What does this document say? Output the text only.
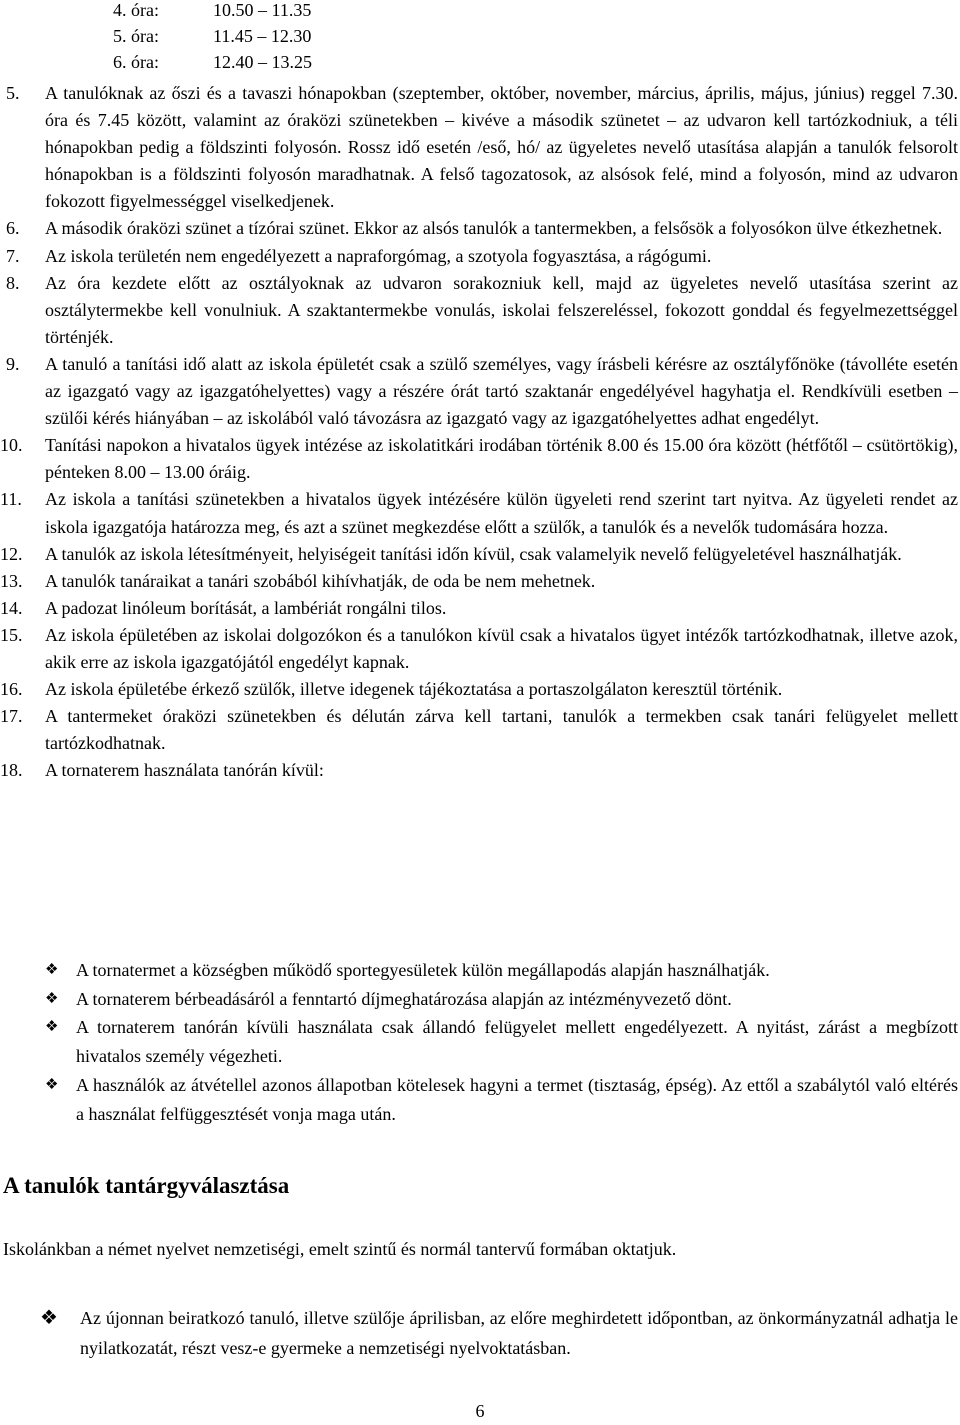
4. óra:	10.50 – 11.35
5. óra:	11.45 – 12.30
6. óra:	12.40 – 13.25
5.	A tanulóknak az őszi és a tavaszi hónapokban (szeptember, október, november, március, április, május, június) reggel 7.30. óra és 7.45 között, valamint az óraközi szünetekben – kivéve a második szünetet – az udvaron kell tartózkodniuk, a téli hónapokban pedig a földszinti folyosón. Rossz idő esetén /eső, hó/ az ügyeletes nevelő utasítása alapján a tanulók felsorolt hónapokban is a földszinti folyosón maradhatnak. A felső tagozatosok, az alsósok felé, mind a folyosón, mind az udvaron fokozott figyelmességgel viselkedjenek.
6.	A második óraközi szünet a tízórai szünet. Ekkor az alsós tanulók a tantermekben, a felsősök a folyosókon ülve étkezhetnek.
7.	Az iskola területén nem engedélyezett a napraforgómag, a szotyola fogyasztása, a rágógumi.
8.	Az óra kezdete előtt az osztályoknak az udvaron sorakozniuk kell, majd az ügyeletes nevelő utasítása szerint az osztálytermekbe kell vonulniuk. A szaktantermekbe vonulás, iskolai felszereléssel, fokozott gonddal és fegyelmezettséggel történjék.
9.	A tanuló a tanítási idő alatt az iskola épületét csak a szülő személyes, vagy írásbeli kérésre az osztályfőnöke (távolléte esetén az igazgató vagy az igazgatóhelyettes) vagy a részére órát tartó szaktanár engedélyével hagyhatja el. Rendkívüli esetben – szülői kérés hiányában – az iskolából való távozásra az igazgató vagy az igazgatóhelyettes adhat engedélyt.
10.	Tanítási napokon a hivatalos ügyek intézése az iskolatitkári irodában történik 8.00 és 15.00 óra között (hétfőtől – csütörtökig), pénteken 8.00 – 13.00 óráig.
11.	Az iskola a tanítási szünetekben a hivatalos ügyek intézésére külön ügyeleti rend szerint tart nyitva. Az ügyeleti rendet az iskola igazgatója határozza meg, és azt a szünet megkezdése előtt a szülők, a tanulók és a nevelők tudomására hozza.
12.	A tanulók az iskola létesítményeit, helyiségeit tanítási időn kívül, csak valamelyik nevelő felügyeletével használhatják.
13.	A tanulók tanáraikat a tanári szobából kihívhatják, de oda be nem mehetnek.
14.	A padozat linóleum borítását, a lambériát rongálni tilos.
15.	Az iskola épületében az iskolai dolgozókon és a tanulókon kívül csak a hivatalos ügyet intézők tartózkodhatnak, illetve azok, akik erre az iskola igazgatójától engedélyt kapnak.
16.	Az iskola épületébe érkező szülők, illetve idegenek tájékoztatása a portaszolgálaton keresztül történik.
17.	A tantermeket óraközi szünetekben és délután zárva kell tartani, tanulók a termekben csak tanári felügyelet mellett tartózkodhatnak.
18.	A tornaterem használata tanórán kívül:
❖ A tornatermet a községben működő sportegyesületek külön megállapodás alapján használhatják.
❖ A tornaterem bérbeadásáról a fenntartó díjmeghatározása alapján az intézményvezető dönt.
❖ A tornaterem tanórán kívüli használata csak állandó felügyelet mellett engedélyezett. A nyitást, zárást a megbízott hivatalos személy végezheti.
❖ A használók az átvétellel azonos állapotban kötelesek hagyni a termet (tisztaság, épség). Az ettől a szabálytól való eltérés a használat felfüggesztését vonja maga után.
A tanulók tantárgyválasztása
Iskolánkban a német nyelvet nemzetiségi, emelt szintű és normál tantervű formában oktatjuk.
❖	Az újonnan beiratkozó tanuló, illetve szülője áprilisban, az előre meghirdetett időpontban, az önkormányzatnál adhatja le nyilatkozatát, részt vesz-e gyermeke a nemzetiségi nyelvoktatásban.
6
